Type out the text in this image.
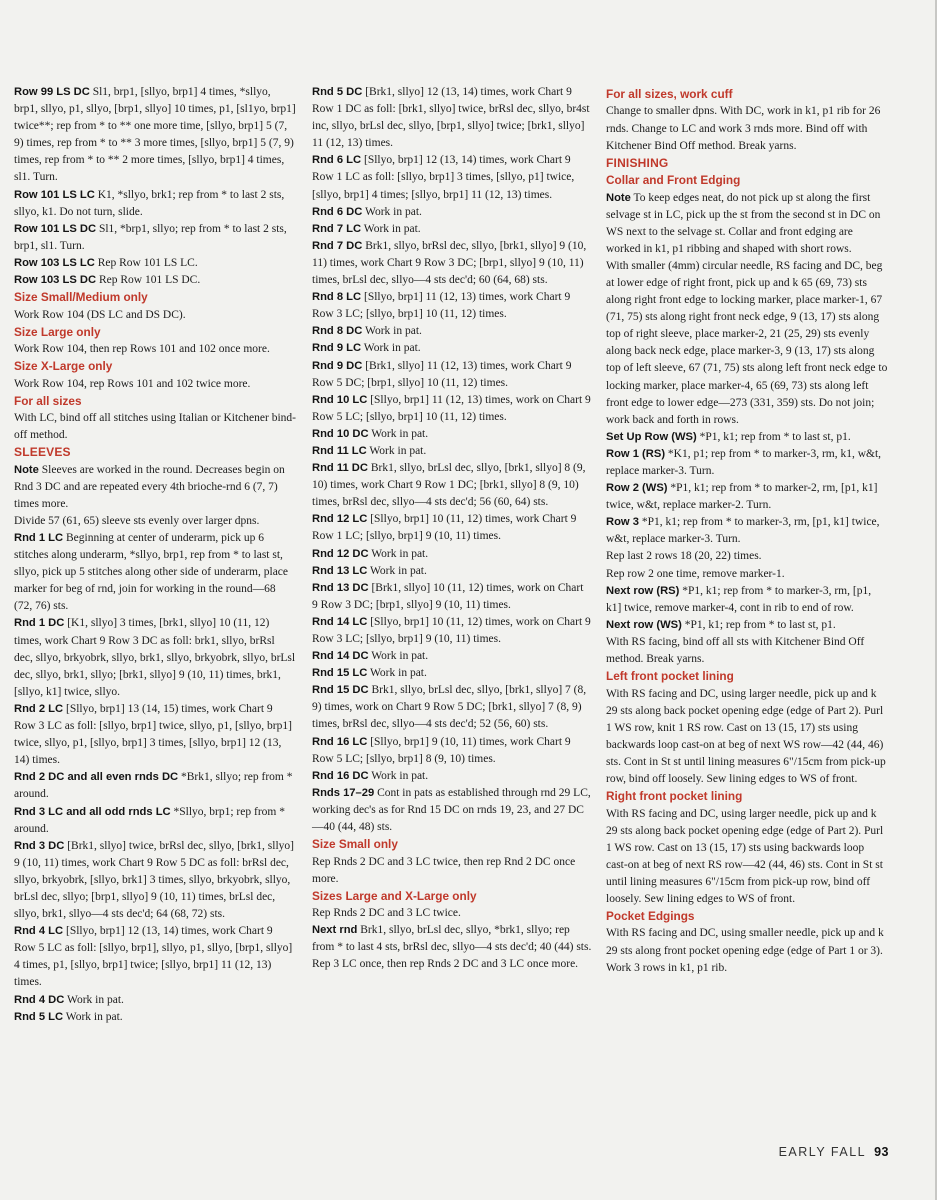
Row 99 LS DC Sl1, brp1, [sllyo, brp1] 4 times, *sllyo, brp1, sllyo, p1, sllyo, [brp1, sllyo] 10 times, p1, [sl1yo, brp1] twice**; rep from * to ** one more time, [sllyo, brp1] 5 (7, 9) times, rep from * to ** 3 more times, [sllyo, brp1] 5 (7, 9) times, rep from * to ** 2 more times, [sllyo, brp1] 4 times, sl1. Turn.

Row 101 LS LC K1, *sllyo, brk1; rep from * to last 2 sts, sllyo, k1. Do not turn, slide.

Row 101 LS DC Sl1, *brp1, sllyo; rep from * to last 2 sts, brp1, sl1. Turn.

Row 103 LS LC Rep Row 101 LS LC.

Row 103 LS DC Rep Row 101 LS DC.

Size Small/Medium only

Work Row 104 (DS LC and DS DC).

Size Large only

Work Row 104, then rep Rows 101 and 102 once more.

Size X-Large only

Work Row 104, rep Rows 101 and 102 twice more.

For all sizes

With LC, bind off all stitches using Italian or Kitchener bind-off method.

SLEEVES

Note Sleeves are worked in the round. Decreases begin on Rnd 3 DC and are repeated every 4th brioche-rnd 6 (7, 7) times more.

Divide 57 (61, 65) sleeve sts evenly over larger dpns.

Rnd 1 LC Beginning at center of underarm, pick up 6 stitches along underarm, *sllyo, brp1, rep from * to last st, sllyo, pick up 5 stitches along other side of underarm, place marker for beg of rnd, join for working in the round—68 (72, 76) sts.

Rnd 1 DC [K1, sllyo] 3 times, [brk1, sllyo] 10 (11, 12) times, work Chart 9 Row 3 DC as foll: brk1, sllyo, brRsl dec, sllyo, brkyobrk, sllyo, brk1, sllyo, brkyobrk, sllyo, brLsl dec, sllyo, brk1, sllyo; [brk1, sllyo] 9 (10, 11) times, brk1, [sllyo, k1] twice, sllyo.

Rnd 2 LC [Sllyo, brp1] 13 (14, 15) times, work Chart 9 Row 3 LC as foll: [sllyo, brp1] twice, sllyo, p1, [sllyo, brp1] twice, sllyo, p1, [sllyo, brp1] 3 times, [sllyo, brp1] 12 (13, 14) times.

Rnd 2 DC and all even rnds DC *Brk1, sllyo; rep from * around.

Rnd 3 LC and all odd rnds LC *Sllyo, brp1; rep from * around.

Rnd 3 DC [Brk1, sllyo] twice, brRsl dec, sllyo, [brk1, sllyo] 9 (10, 11) times, work Chart 9 Row 5 DC as foll: brRsl dec, sllyo, brkyobrk, [sllyo, brk1] 3 times, sllyo, brkyobrk, sllyo, brLsl dec, sllyo; [brp1, sllyo] 9 (10, 11) times, brLsl dec, sllyo, brk1, sllyo—4 sts dec'd; 64 (68, 72) sts.

Rnd 4 LC [Sllyo, brp1] 12 (13, 14) times, work Chart 9 Row 5 LC as foll: [sllyo, brp1], sllyo, p1, sllyo, [brp1, sllyo] 4 times, p1, [sllyo, brp1] twice; [sllyo, brp1] 11 (12, 13) times.

Rnd 4 DC Work in pat.

Rnd 5 LC Work in pat.

Rnd 5 DC [Brk1, sllyo] 12 (13, 14) times, work Chart 9 Row 1 DC as foll: [brk1, sllyo] twice, brRsl dec, sllyo, br4st inc, sllyo, brLsl dec, sllyo, [brp1, sllyo] twice; [brk1, sllyo] 11 (12, 13) times.

Rnd 6 LC [Sllyo, brp1] 12 (13, 14) times, work Chart 9 Row 1 LC as foll: [sllyo, brp1] 3 times, [sllyo, p1] twice, [sllyo, brp1] 4 times; [sllyo, brp1] 11 (12, 13) times.

Rnd 6 DC Work in pat.

Rnd 7 LC Work in pat.

Rnd 7 DC Brk1, sllyo, brRsl dec, sllyo, [brk1, sllyo] 9 (10, 11) times, work Chart 9 Row 3 DC; [brp1, sllyo] 9 (10, 11) times, brLsl dec, sllyo—4 sts dec'd; 60 (64, 68) sts.

Rnd 8 LC [Sllyo, brp1] 11 (12, 13) times, work Chart 9 Row 3 LC; [sllyo, brp1] 10 (11, 12) times.

Rnd 8 DC Work in pat.

Rnd 9 LC Work in pat.

Rnd 9 DC [Brk1, sllyo] 11 (12, 13) times, work Chart 9 Row 5 DC; [brp1, sllyo] 10 (11, 12) times.

Rnd 10 LC [Sllyo, brp1] 11 (12, 13) times, work on Chart 9 Row 5 LC; [sllyo, brp1] 10 (11, 12) times.

Rnd 10 DC Work in pat.

Rnd 11 LC Work in pat.

Rnd 11 DC Brk1, sllyo, brLsl dec, sllyo, [brk1, sllyo] 8 (9, 10) times, work Chart 9 Row 1 DC; [brk1, sllyo] 8 (9, 10) times, brRsl dec, sllyo—4 sts dec'd; 56 (60, 64) sts.

Rnd 12 LC [Sllyo, brp1] 10 (11, 12) times, work Chart 9 Row 1 LC; [sllyo, brp1] 9 (10, 11) times.

Rnd 12 DC Work in pat.

Rnd 13 LC Work in pat.

Rnd 13 DC [Brk1, sllyo] 10 (11, 12) times, work on Chart 9 Row 3 DC; [brp1, sllyo] 9 (10, 11) times.

Rnd 14 LC [Sllyo, brp1] 10 (11, 12) times, work on Chart 9 Row 3 LC; [sllyo, brp1] 9 (10, 11) times.

Rnd 14 DC Work in pat.

Rnd 15 LC Work in pat.

Rnd 15 DC Brk1, sllyo, brLsl dec, sllyo, [brk1, sllyo] 7 (8, 9) times, work on Chart 9 Row 5 DC; [brk1, sllyo] 7 (8, 9) times, brRsl dec, sllyo—4 sts dec'd; 52 (56, 60) sts.

Rnd 16 LC [Sllyo, brp1] 9 (10, 11) times, work Chart 9 Row 5 LC; [sllyo, brp1] 8 (9, 10) times.

Rnd 16 DC Work in pat.

Rnds 17–29 Cont in pats as established through rnd 29 LC, working dec's as for Rnd 15 DC on rnds 19, 23, and 27 DC—40 (44, 48) sts.

Size Small only

Rep Rnds 2 DC and 3 LC twice, then rep Rnd 2 DC once more.

Sizes Large and X-Large only

Rep Rnds 2 DC and 3 LC twice.

Next rnd Brk1, sllyo, brLsl dec, sllyo, *brk1, sllyo; rep from * to last 4 sts, brRsl dec, sllyo—4 sts dec'd; 40 (44) sts.

Rep 3 LC once, then rep Rnds 2 DC and 3 LC once more.

For all sizes, work cuff

Change to smaller dpns. With DC, work in k1, p1 rib for 26 rnds. Change to LC and work 3 rnds more. Bind off with Kitchener Bind Off method. Break yarns.

FINISHING

Collar and Front Edging

Note To keep edges neat, do not pick up st along the first selvage st in LC, pick up the st from the second st in DC on WS next to the selvage st. Collar and front edging are worked in k1, p1 ribbing and shaped with short rows.

With smaller (4mm) circular needle, RS facing and DC, beg at lower edge of right front, pick up and k 65 (69, 73) sts along right front edge to locking marker, place marker-1, 67 (71, 75) sts along right front neck edge, 9 (13, 17) sts along top of right sleeve, place marker-2, 21 (25, 29) sts evenly along back neck edge, place marker-3, 9 (13, 17) sts along top of left sleeve, 67 (71, 75) sts along left front neck edge to locking marker, place marker-4, 65 (69, 73) sts along left front edge to lower edge—273 (331, 359) sts. Do not join; work back and forth in rows.

Set Up Row (WS) *P1, k1; rep from * to last st, p1.

Row 1 (RS) *K1, p1; rep from * to marker-3, rm, k1, w&t, replace marker-3. Turn.

Row 2 (WS) *P1, k1; rep from * to marker-2, rm, [p1, k1] twice, w&t, replace marker-2. Turn.

Row 3 *P1, k1; rep from * to marker-3, rm, [p1, k1] twice, w&t, replace marker-3. Turn.

Rep last 2 rows 18 (20, 22) times.

Rep row 2 one time, remove marker-1.

Next row (RS) *P1, k1; rep from * to marker-3, rm, [p1, k1] twice, remove marker-4, cont in rib to end of row.

Next row (WS) *P1, k1; rep from * to last st, p1.

With RS facing, bind off all sts with Kitchener Bind Off method. Break yarns.

Left front pocket lining

With RS facing and DC, using larger needle, pick up and k 29 sts along back pocket opening edge (edge of Part 2). Purl 1 WS row, knit 1 RS row. Cast on 13 (15, 17) sts using backwards loop cast-on at beg of next WS row—42 (44, 46) sts. Cont in St st until lining measures 6"/15cm from pick-up row, bind off loosely. Sew lining edges to WS of front.

Right front pocket lining

With RS facing and DC, using larger needle, pick up and k 29 sts along back pocket opening edge (edge of Part 2). Purl 1 WS row. Cast on 13 (15, 17) sts using backwards loop cast-on at beg of next RS row—42 (44, 46) sts. Cont in St st until lining measures 6"/15cm from pick-up row, bind off loosely. Sew lining edges to WS of front.

Pocket Edgings

With RS facing and DC, using smaller needle, pick up and k 29 sts along front pocket opening edge (edge of Part 1 or 3). Work 3 rows in k1, p1 rib.

EARLY FALL 93
